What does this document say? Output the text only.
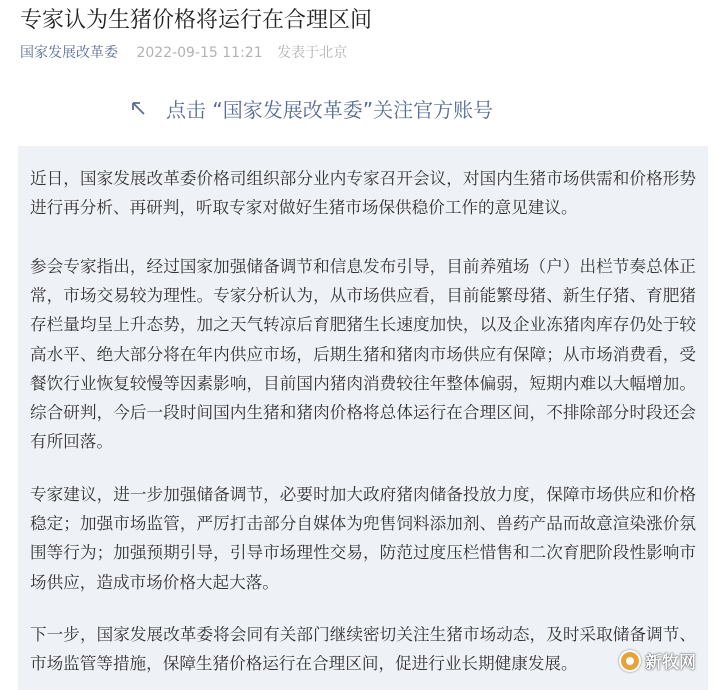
专家认为生猪价格将运行在合理区间
国家发展改革委 2022-09-15 11:21 发表于北京
点击 “国家发展改革委”关注官方账号

近日，国家发展改革委价格司组织部分业内专家召开会议，对国内生猪市场供需和价格形势进行再分析、再研判，听取专家对做好生猪市场保供稳价工作的意见建议。

参会专家指出，经过国家加强储备调节和信息发布引导，目前养殖场（户）出栏节奏总体正常，市场交易较为理性。专家分析认为，从市场供应看，目前能繁母猪、新生仔猪、育肥猪存栏量均呈上升态势，加之天气转凉后育肥猪生长速度加快，以及企业冻猪肉库存仍处于较高水平、绝大部分将在年内供应市场，后期生猪和猪肉市场供应有保障；从市场消费看，受餐饮行业恢复较慢等因素影响，目前国内猪肉消费较往年整体偏弱，短期内难以大幅增加。综合研判，今后一段时间国内生猪和猪肉价格将总体运行在合理区间，不排除部分时段还会有所回落。

专家建议，进一步加强储备调节，必要时加大政府猪肉储备投放力度，保障市场供应和价格稳定；加强市场监管，严厉打击部分自媒体为兜售饲料添加剂、兽药产品而故意渲染涨价氛围等行为；加强预期引导，引导市场理性交易，防范过度压栏惜售和二次育肥阶段性影响市场供应，造成市场价格大起大落。

下一步，国家发展改革委将会同有关部门继续密切关注生猪市场动态，及时采取储备调节、市场监管等措施，保障生猪价格运行在合理区间，促进行业长期健康发展。	新牧网
